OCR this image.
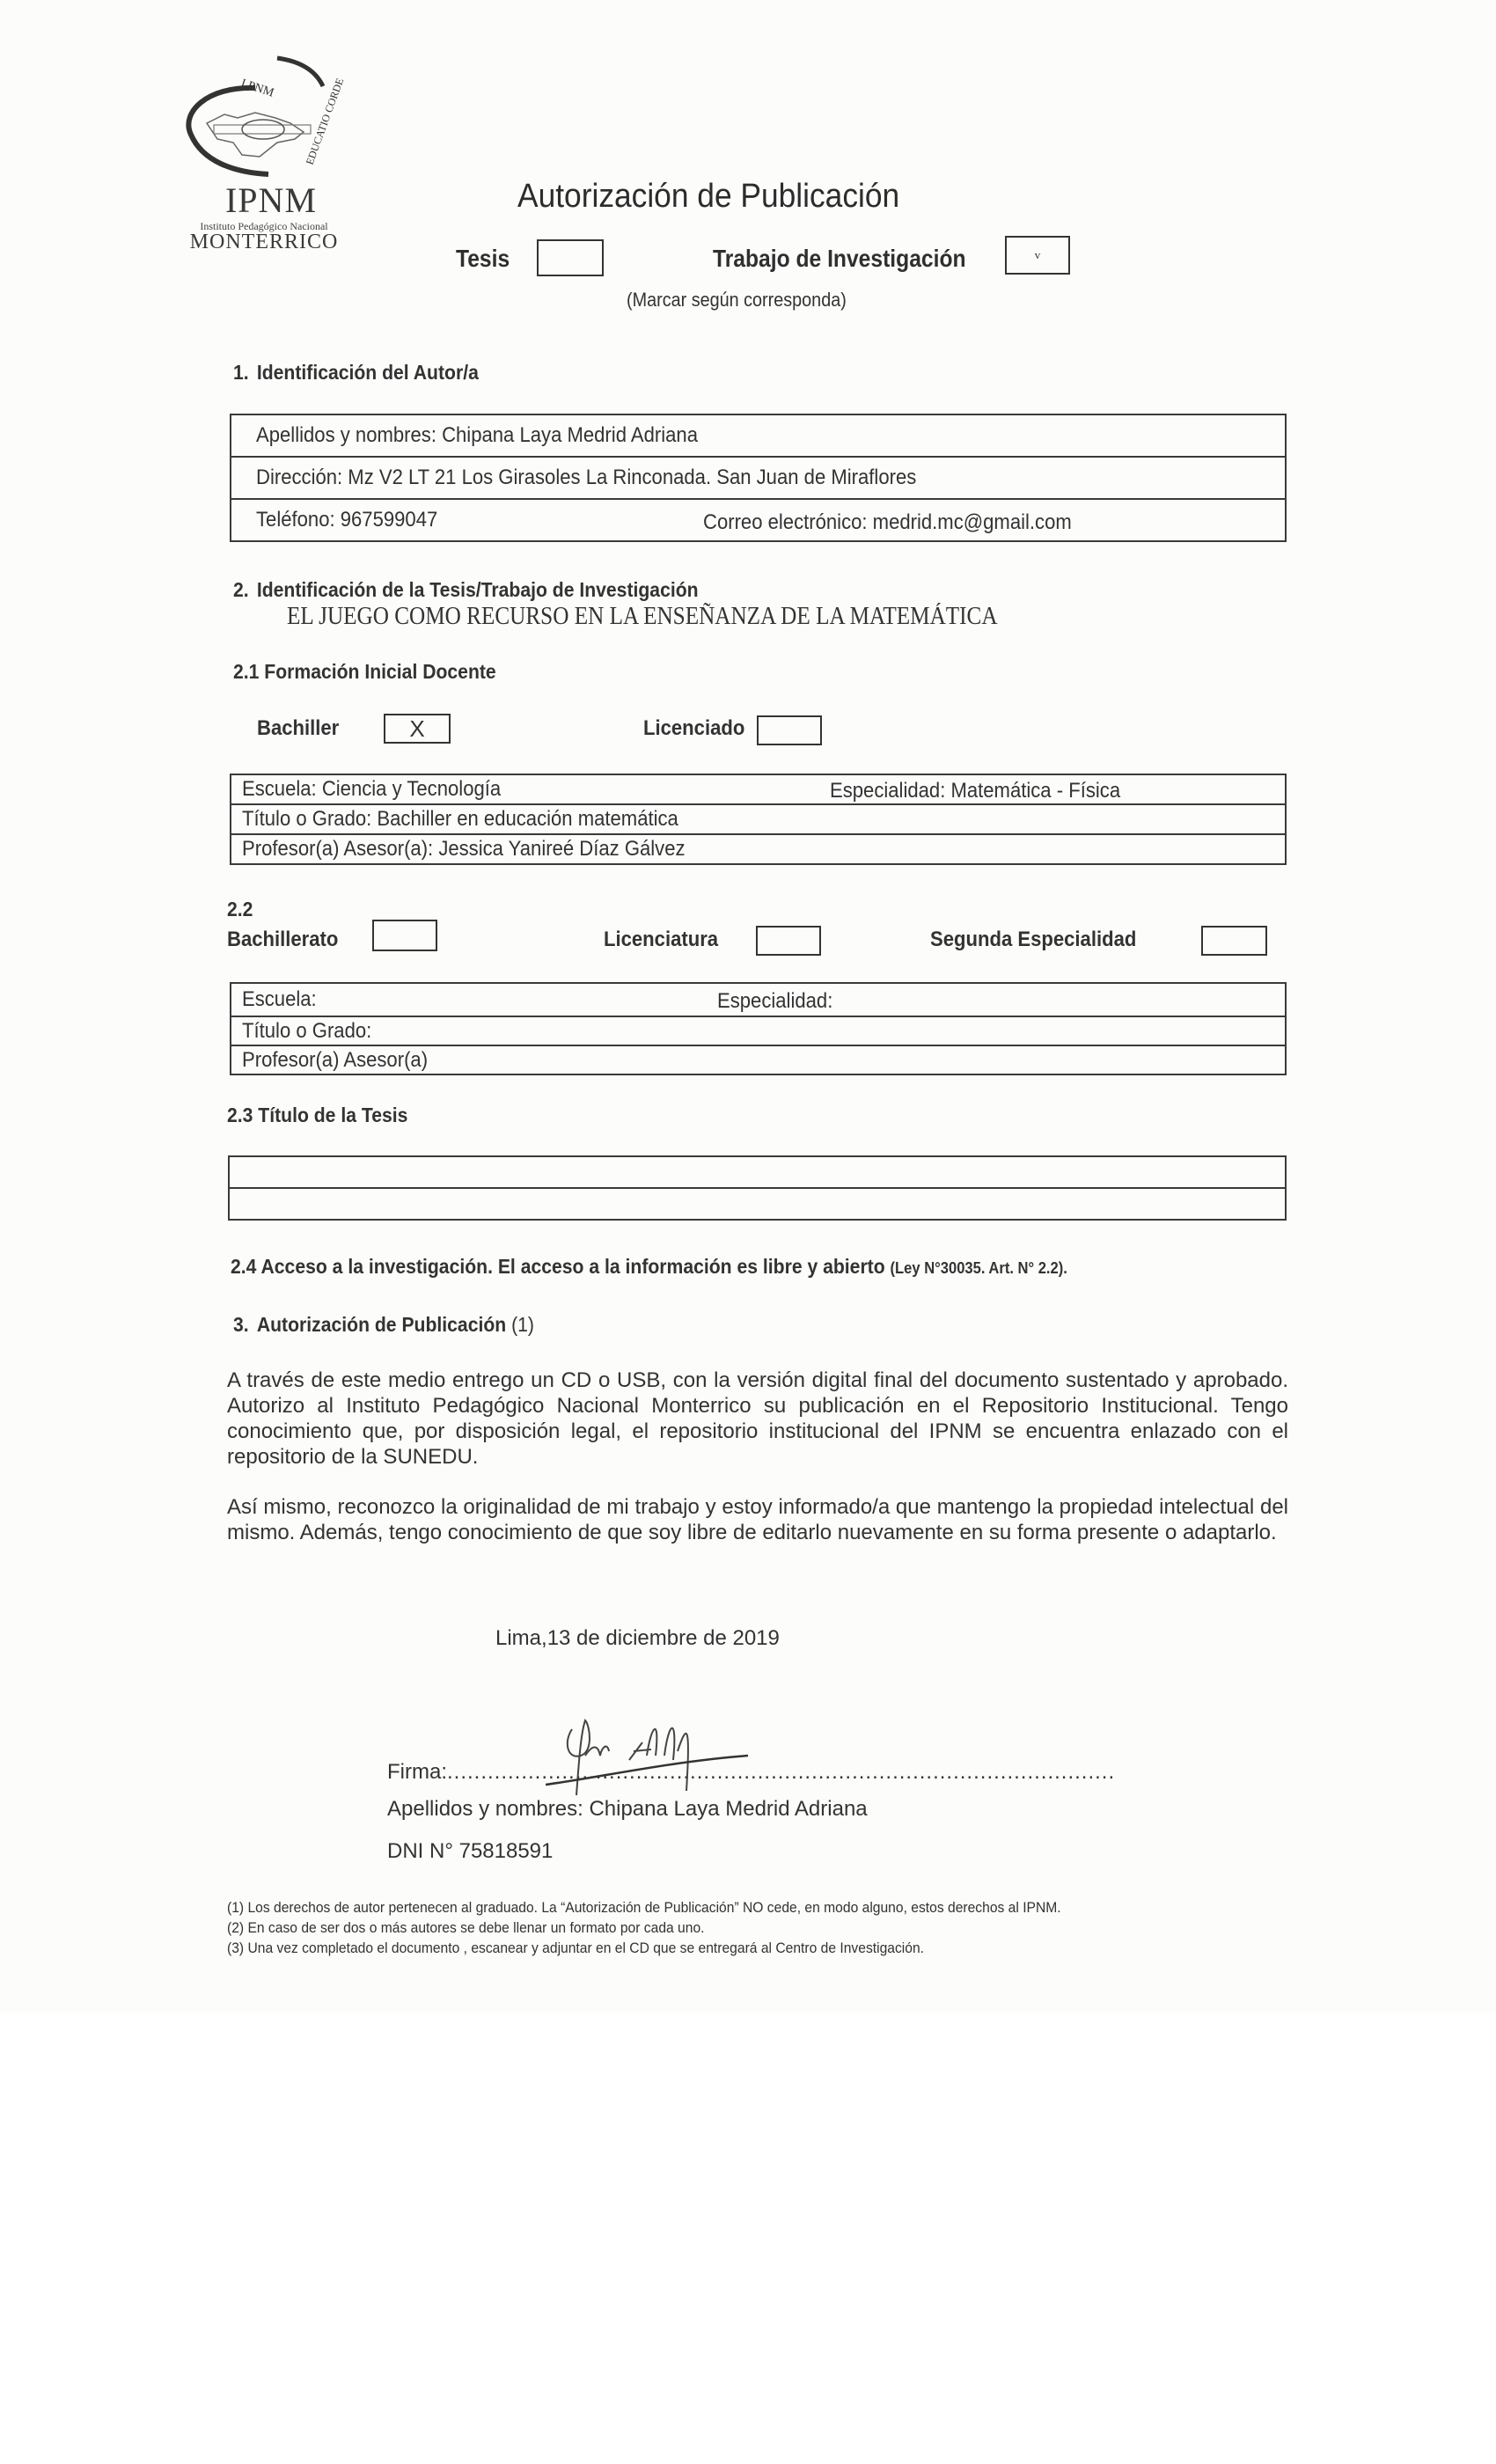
I PNM	EDUCATIO CORDE
IPNM
Instituto Pedagógico Nacional
MONTERRICO
Autorización de Publicación
Tesis	Trabajo de Investigación	v
(Marcar según corresponda)
1. Identificación del Autor/a
Apellidos y nombres: Chipana Laya Medrid Adriana
Dirección: Mz V2 LT 21 Los Girasoles La Rinconada. San Juan de Miraflores
Teléfono: 967599047	Correo electrónico: medrid.mc@gmail.com
2. Identificación de la Tesis/Trabajo de Investigación
EL JUEGO COMO RECURSO EN LA ENSEÑANZA DE LA MATEMÁTICA
2.1 Formación Inicial Docente
Bachiller	X	Licenciado
Escuela: Ciencia y Tecnología	Especialidad: Matemática - Física

Título o Grado: Bachiller en educación matemática
Profesor(a) Asesor(a): Jessica Yanireé Díaz Gálvez
2.2
Bachillerato	Licenciatura	Segunda Especialidad
Escuela:	Especialidad:

Título o Grado:
Profesor(a) Asesor(a)
2.3 Título de la Tesis

2.4 Acceso a la investigación. El acceso a la información es libre y abierto (Ley N°30035. Art. N° 2.2).
3. Autorización de Publicación (1)
A través de este medio entrego un CD o USB, con la versión digital final del documento sustentado y aprobado. Autorizo al Instituto Pedagógico Nacional Monterrico su publicación en el Repositorio Institucional. Tengo conocimiento que, por disposición legal, el repositorio institucional del IPNM se encuentra enlazado con el repositorio de la SUNEDU.
Así mismo, reconozco la originalidad de mi trabajo y estoy informado/a que mantengo la propiedad intelectual del mismo. Además, tengo conocimiento de que soy libre de editarlo nuevamente en su forma presente o adaptarlo.
Lima,13 de diciembre de 2019
Firma:...................................................................................................
Apellidos y nombres: Chipana Laya Medrid Adriana
DNI N° 75818591
(1) Los derechos de autor pertenecen al graduado. La “Autorización de Publicación” NO cede, en modo alguno, estos derechos al IPNM.
(2) En caso de ser dos o más autores se debe llenar un formato por cada uno.
(3) Una vez completado el documento , escanear y adjuntar en el CD que se entregará al Centro de Investigación.
